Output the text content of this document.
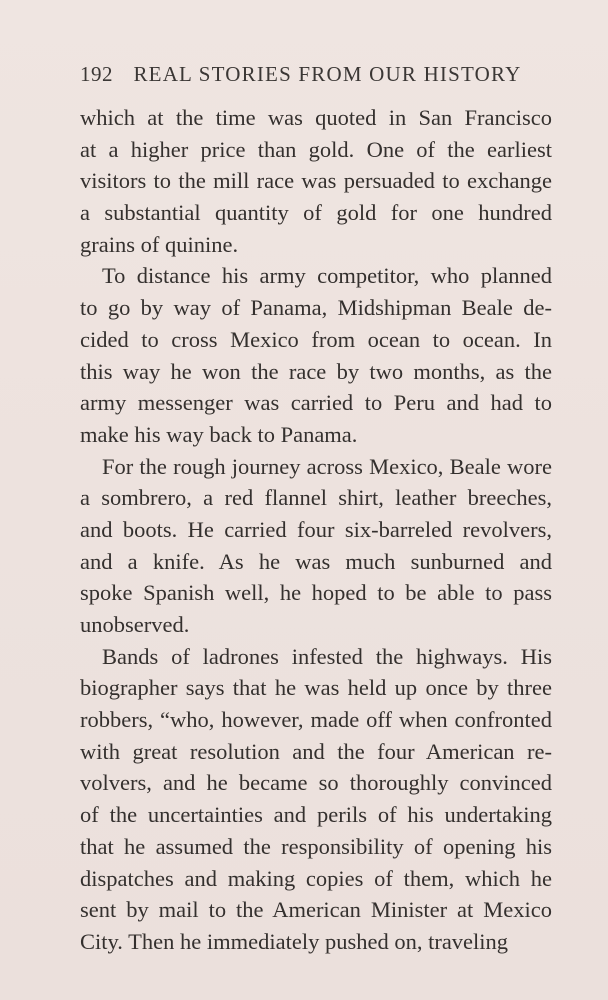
192 REAL STORIES FROM OUR HISTORY
which at the time was quoted in San Francisco
at a higher price than gold. One of the earliest
visitors to the mill race was persuaded to exchange
a substantial quantity of gold for one hundred
grains of quinine.
To distance his army competitor, who planned
to go by way of Panama, Midshipman Beale de-
cided to cross Mexico from ocean to ocean. In
this way he won the race by two months, as the
army messenger was carried to Peru and had to
make his way back to Panama.
For the rough journey across Mexico, Beale wore
a sombrero, a red flannel shirt, leather breeches,
and boots. He carried four six-barreled revolvers,
and a knife. As he was much sunburned and
spoke Spanish well, he hoped to be able to pass
unobserved.
Bands of ladrones infested the highways. His
biographer says that he was held up once by three
robbers, “who, however, made off when confronted
with great resolution and the four American re-
volvers, and he became so thoroughly convinced
of the uncertainties and perils of his undertaking
that he assumed the responsibility of opening his
dispatches and making copies of them, which he
sent by mail to the American Minister at Mexico
City. Then he immediately pushed on, traveling
